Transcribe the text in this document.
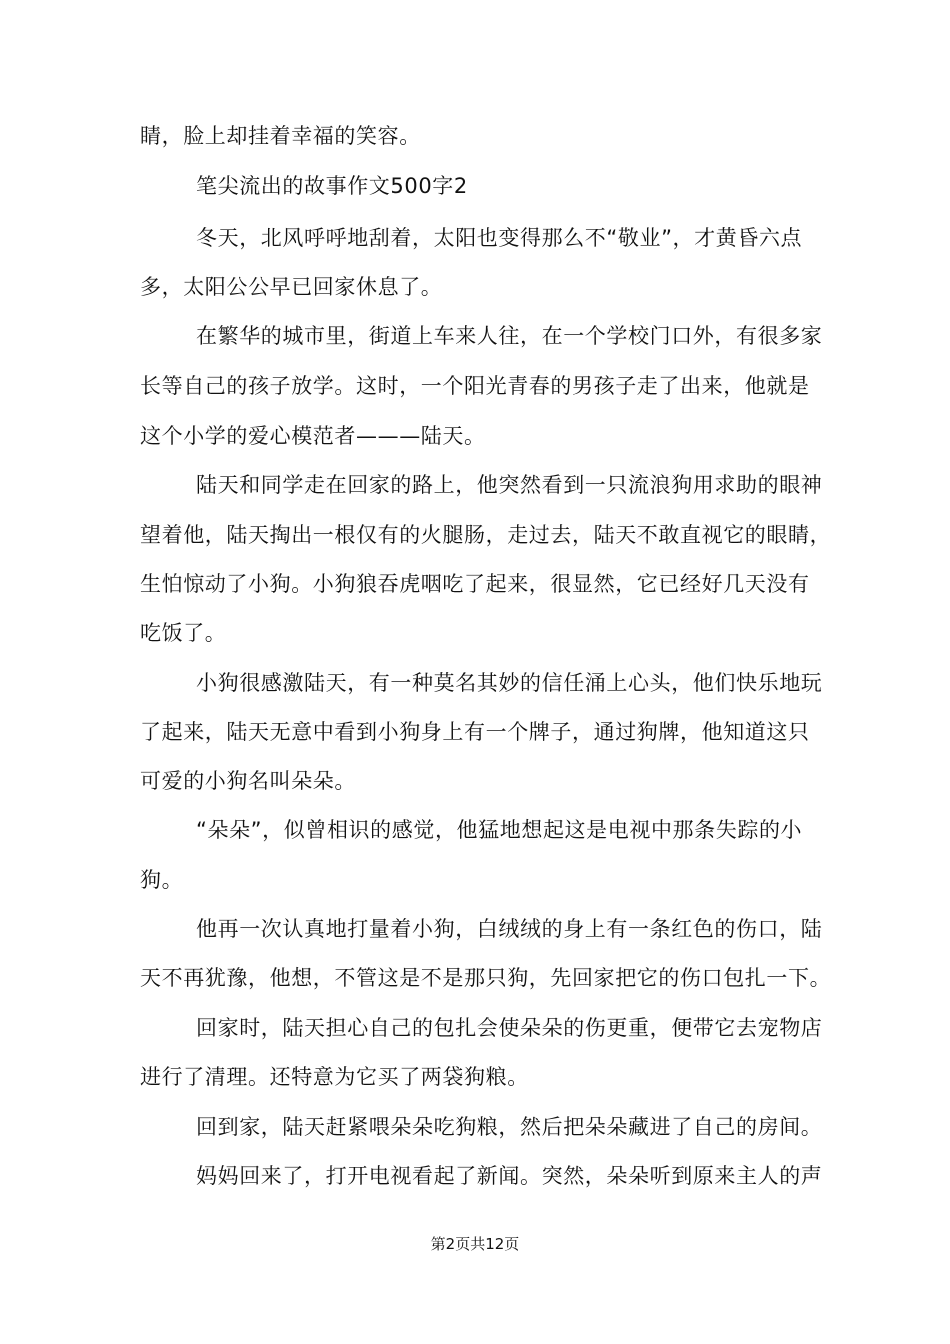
睛，脸上却挂着幸福的笑容。
笔尖流出的故事作文500字2
冬天，北风呼呼地刮着，太阳也变得那么不“敬业”，才黄昏六点
多，太阳公公早已回家休息了。
在繁华的城市里，街道上车来人往，在一个学校门口外，有很多家
长等自己的孩子放学。这时，一个阳光青春的男孩子走了出来，他就是
这个小学的爱心模范者———陆天。
陆天和同学走在回家的路上，他突然看到一只流浪狗用求助的眼神
望着他，陆天掏出一根仅有的火腿肠，走过去，陆天不敢直视它的眼睛，
生怕惊动了小狗。小狗狼吞虎咽吃了起来，很显然，它已经好几天没有
吃饭了。
小狗很感激陆天，有一种莫名其妙的信任涌上心头，他们快乐地玩
了起来，陆天无意中看到小狗身上有一个牌子，通过狗牌，他知道这只
可爱的小狗名叫朵朵。
“朵朵”，似曾相识的感觉，他猛地想起这是电视中那条失踪的小
狗。
他再一次认真地打量着小狗，白绒绒的身上有一条红色的伤口，陆
天不再犹豫，他想，不管这是不是那只狗，先回家把它的伤口包扎一下。
回家时，陆天担心自己的包扎会使朵朵的伤更重，便带它去宠物店
进行了清理。还特意为它买了两袋狗粮。
回到家，陆天赶紧喂朵朵吃狗粮，然后把朵朵藏进了自己的房间。
妈妈回来了，打开电视看起了新闻。突然，朵朵听到原来主人的声
第2页共12页
